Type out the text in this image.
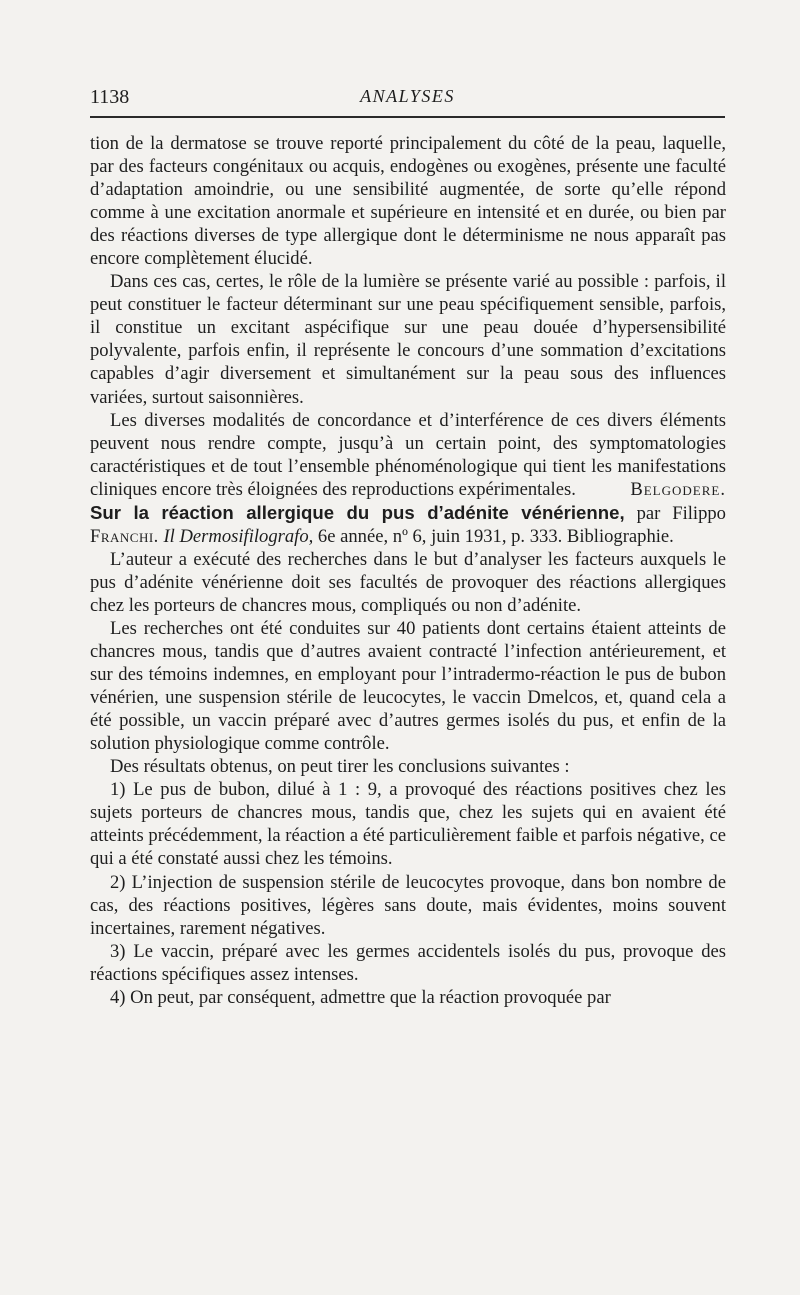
1138	ANALYSES

tion de la dermatose se trouve reporté principalement du côté de la peau, laquelle, par des facteurs congénitaux ou acquis, endogènes ou exogènes, présente une faculté d’adaptation amoindrie, ou une sensibilité augmentée, de sorte qu’elle répond comme à une excitation anormale et supérieure en intensité et en durée, ou bien par des réactions diverses de type allergique dont le déterminisme ne nous apparaît pas encore complètement élucidé.

Dans ces cas, certes, le rôle de la lumière se présente varié au possible : parfois, il peut constituer le facteur déterminant sur une peau spécifiquement sensible, parfois, il constitue un excitant aspécifique sur une peau douée d’hypersensibilité polyvalente, parfois enfin, il représente le concours d’une sommation d’excitations capables d’agir diversement et simultanément sur la peau sous des influences variées, surtout saisonnières.

Les diverses modalités de concordance et d’interférence de ces divers éléments peuvent nous rendre compte, jusqu’à un certain point, des symptomatologies caractéristiques et de tout l’ensemble phénoménologique qui tient les manifestations cliniques encore très éloignées des reproductions expérimentales.	Belgodere.

Sur la réaction allergique du pus d’adénite vénérienne, par Filippo Franchi. Il Dermosifilografo, 6e année, nº 6, juin 1931, p. 333. Bibliographie.

L’auteur a exécuté des recherches dans le but d’analyser les facteurs auxquels le pus d’adénite vénérienne doit ses facultés de provoquer des réactions allergiques chez les porteurs de chancres mous, compliqués ou non d’adénite.

Les recherches ont été conduites sur 40 patients dont certains étaient atteints de chancres mous, tandis que d’autres avaient contracté l’infection antérieurement, et sur des témoins indemnes, en employant pour l’intradermo-réaction le pus de bubon vénérien, une suspension stérile de leucocytes, le vaccin Dmelcos, et, quand cela a été possible, un vaccin préparé avec d’autres germes isolés du pus, et enfin de la solution physiologique comme contrôle.

Des résultats obtenus, on peut tirer les conclusions suivantes :

1) Le pus de bubon, dilué à 1 : 9, a provoqué des réactions positives chez les sujets porteurs de chancres mous, tandis que, chez les sujets qui en avaient été atteints précédemment, la réaction a été particulièrement faible et parfois négative, ce qui a été constaté aussi chez les témoins.

2) L’injection de suspension stérile de leucocytes provoque, dans bon nombre de cas, des réactions positives, légères sans doute, mais évidentes, moins souvent incertaines, rarement négatives.

3) Le vaccin, préparé avec les germes accidentels isolés du pus, provoque des réactions spécifiques assez intenses.

4) On peut, par conséquent, admettre que la réaction provoquée par
